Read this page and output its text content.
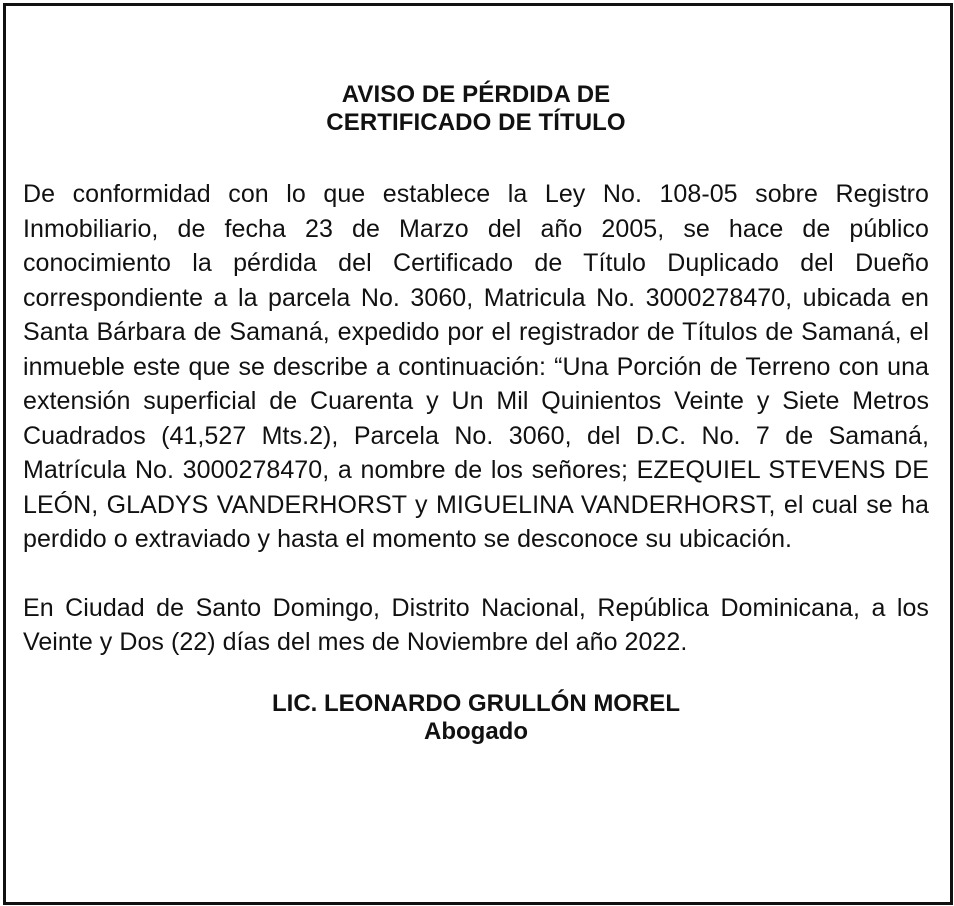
AVISO DE PÉRDIDA DE
CERTIFICADO DE TÍTULO

De conformidad con lo que establece la Ley No. 108-05 sobre Registro Inmobiliario, de fecha 23 de Marzo del año 2005, se hace de público conocimiento la pérdida del Certificado de Título Duplicado del Dueño correspondiente a la parcela No. 3060, Matricula No. 3000278470, ubicada en Santa Bárbara de Samaná, expedido por el registrador de Títulos de Samaná, el inmueble este que se describe a continuación: “Una Porción de Terreno con una extensión superficial de Cuarenta y Un Mil Quinientos Veinte y Siete Metros Cuadrados (41,527 Mts.2), Parcela No. 3060, del D.C. No. 7 de Samaná, Matrícula No. 3000278470, a nombre de los señores; EZEQUIEL STEVENS DE LEÓN, GLADYS VANDERHORST y MIGUELINA VANDERHORST, el cual se ha perdido o extraviado y hasta el momento se desconoce su ubicación.

En Ciudad de Santo Domingo, Distrito Nacional, República Dominicana, a los Veinte y Dos (22) días del mes de Noviembre del año 2022.

LIC. LEONARDO GRULLÓN MOREL
Abogado
